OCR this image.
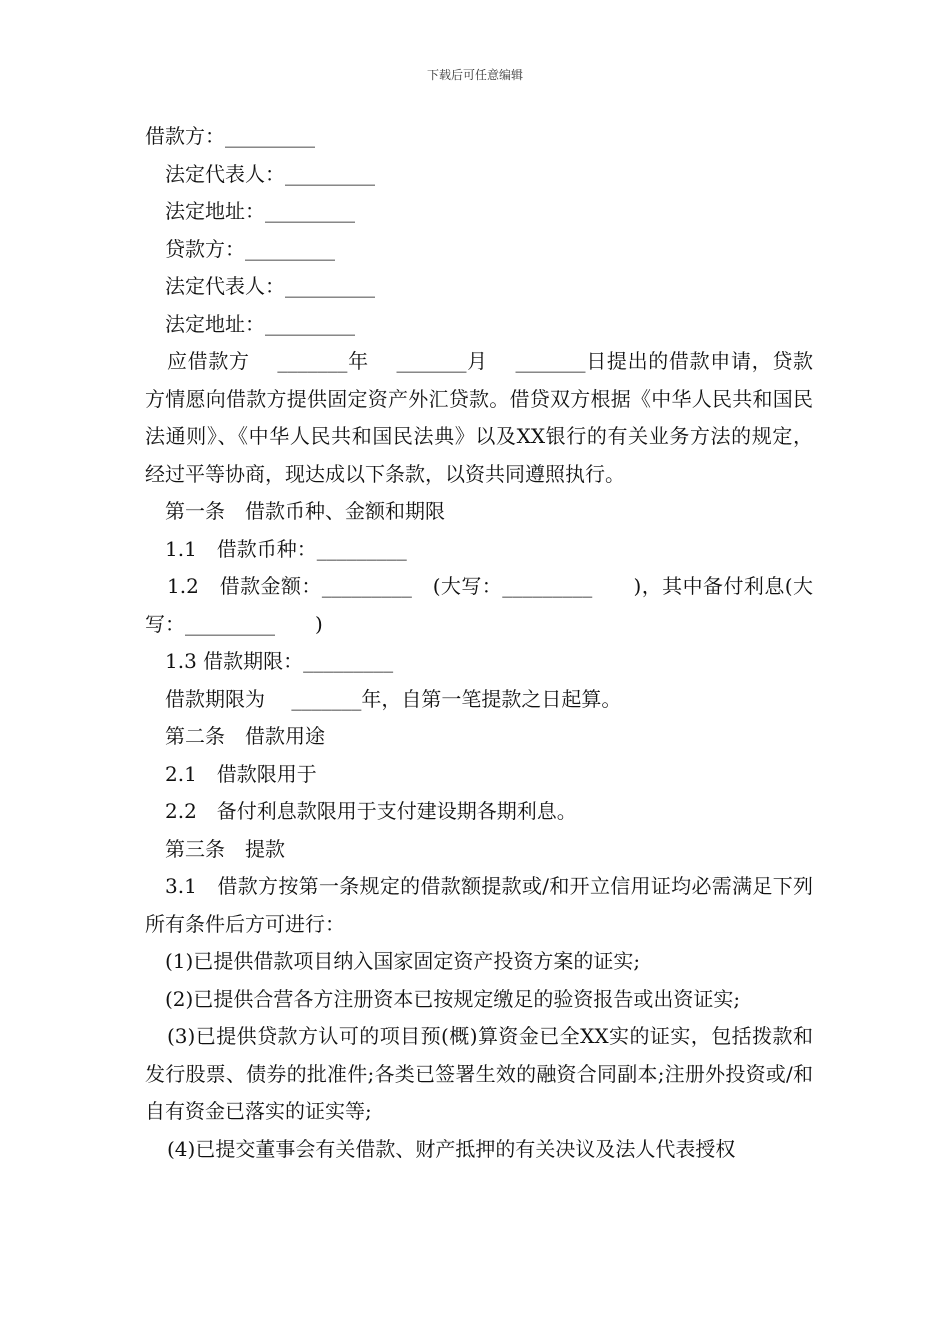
下载后可任意编辑
借款方：_________
法定代表人：_________
法定地址：_________
贷款方：_________
法定代表人：_________
法定地址：_________
应借款方　 _______年　 _______月　 _______日提出的借款申请，贷款方情愿向借款方提供固定资产外汇贷款。借贷双方根据《中华人民共和国民法通则》、《中华人民共和国民法典》以及XX银行的有关业务方法的规定，经过平等协商，现达成以下条款，以资共同遵照执行。
第一条　借款币种、金额和期限
1.1　借款币种：_________
1.2　借款金额：_________　(大写：_________　　)，其中备付利息(大写：_________　　)
1.3 借款期限：_________
借款期限为　 _______年，自第一笔提款之日起算。
第二条　借款用途
2.1　借款限用于
2.2　备付利息款限用于支付建设期各期利息。
第三条　提款
3.1　借款方按第一条规定的借款额提款或/和开立信用证均必需满足下列所有条件后方可进行：
(1)已提供借款项目纳入国家固定资产投资方案的证实;
(2)已提供合营各方注册资本已按规定缴足的验资报告或出资证实;
(3)已提供贷款方认可的项目预(概)算资金已全XX实的证实，包括拨款和发行股票、债券的批准件;各类已签署生效的融资合同副本;注册外投资或/和自有资金已落实的证实等;
(4)已提交董事会有关借款、财产抵押的有关决议及法人代表授权
